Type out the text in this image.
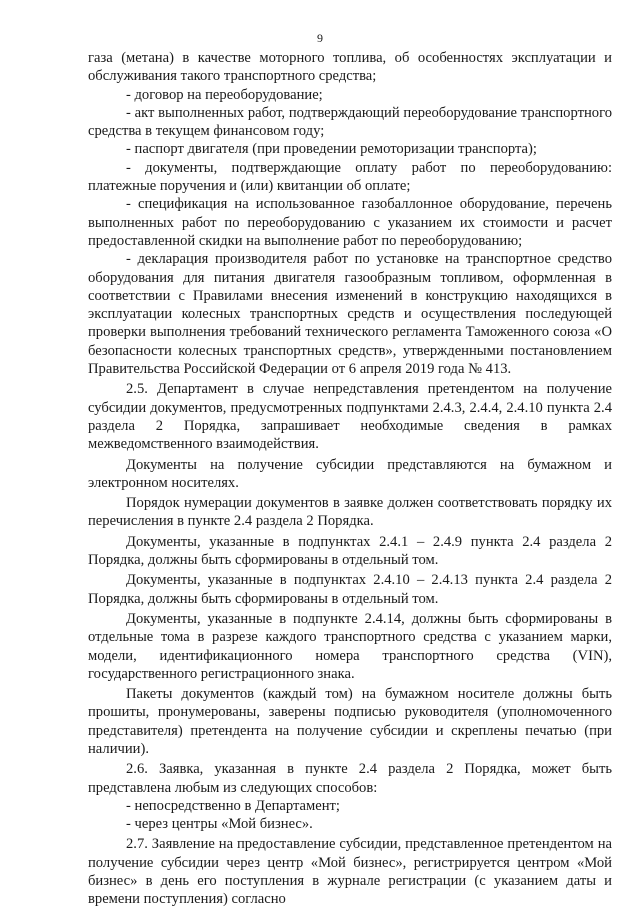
9

газа (метана) в качестве моторного топлива, об особенностях эксплуатации и обслуживания такого транспортного средства;

- договор на переоборудование;

- акт выполненных работ, подтверждающий переоборудование транспортного средства в текущем финансовом году;

- паспорт двигателя (при проведении ремоторизации транспорта);

- документы, подтверждающие оплату работ по переоборудованию: платежные поручения и (или) квитанции об оплате;

- спецификация на использованное газобаллонное оборудование, перечень выполненных работ по переоборудованию с указанием их стоимости и расчет предоставленной скидки на выполнение работ по переоборудованию;

- декларация производителя работ по установке на транспортное средство оборудования для питания двигателя газообразным топливом, оформленная в соответствии с Правилами внесения изменений в конструкцию находящихся в эксплуатации колесных транспортных средств и осуществления последующей проверки выполнения требований технического регламента Таможенного союза «О безопасности колесных транспортных средств», утвержденными постановлением Правительства Российской Федерации от 6 апреля 2019 года № 413.

2.5. Департамент в случае непредставления претендентом на получение субсидии документов, предусмотренных подпунктами 2.4.3, 2.4.4, 2.4.10 пункта 2.4 раздела 2 Порядка, запрашивает необходимые сведения в рамках межведомственного взаимодействия.

Документы на получение субсидии представляются на бумажном и электронном носителях.

Порядок нумерации документов в заявке должен соответствовать порядку их перечисления в пункте 2.4 раздела 2 Порядка.

Документы, указанные в подпунктах 2.4.1 – 2.4.9 пункта 2.4 раздела 2 Порядка, должны быть сформированы в отдельный том.

Документы, указанные в подпунктах 2.4.10 – 2.4.13 пункта 2.4 раздела 2 Порядка, должны быть сформированы в отдельный том.

Документы, указанные в подпункте 2.4.14, должны быть сформированы в отдельные тома в разрезе каждого транспортного средства с указанием марки, модели, идентификационного номера транспортного средства (VIN), государственного регистрационного знака.

Пакеты документов (каждый том) на бумажном носителе должны быть прошиты, пронумерованы, заверены подписью руководителя (уполномоченного представителя) претендента на получение субсидии и скреплены печатью (при наличии).

2.6. Заявка, указанная в пункте 2.4 раздела 2 Порядка, может быть представлена любым из следующих способов:

- непосредственно в Департамент;

- через центры «Мой бизнес».

2.7. Заявление на предоставление субсидии, представленное претендентом на получение субсидии через центр «Мой бизнес», регистрируется центром «Мой бизнес» в день его поступления в журнале регистрации (с указанием даты и времени поступления) согласно
